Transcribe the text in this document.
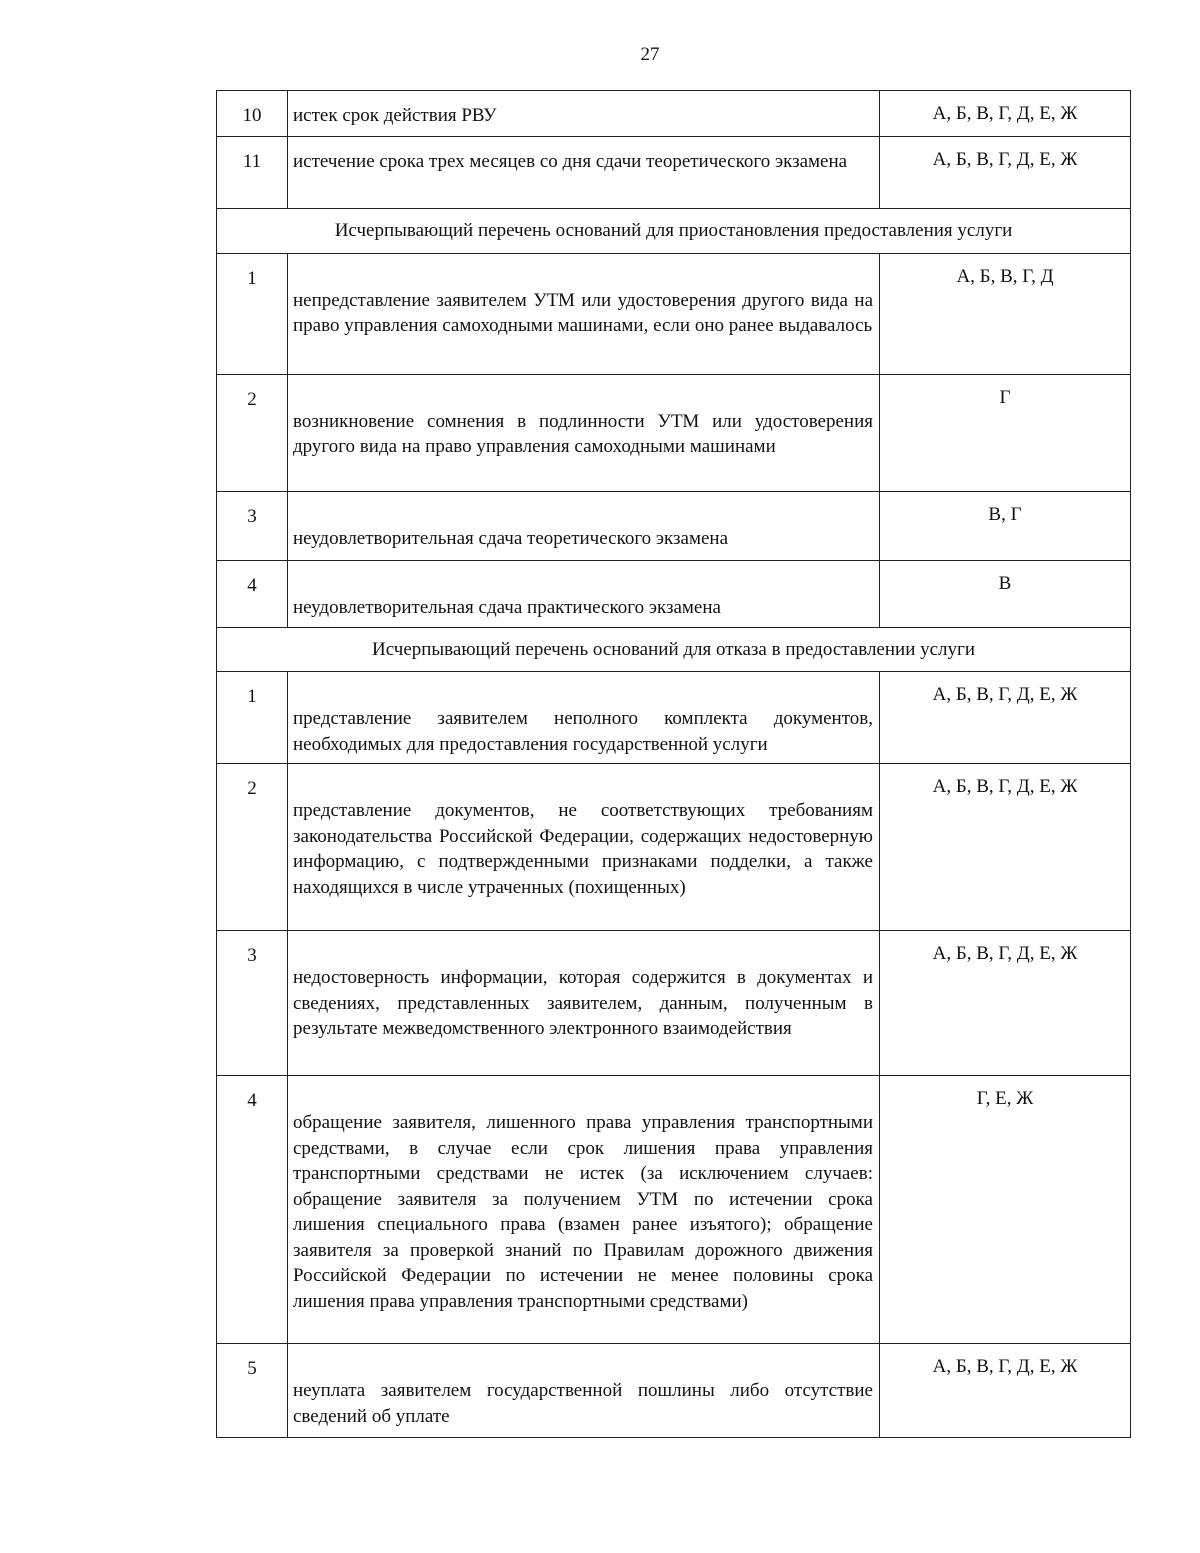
27
10	истек срок действия РВУ	А, Б, В, Г, Д, Е, Ж
11	истечение срока трех месяцев со дня сдачи теоретического экзамена	А, Б, В, Г, Д, Е, Ж
Исчерпывающий перечень оснований для приостановления предоставления услуги		
1	непредставление заявителем УТМ или удостоверения другого вида на право управления самоходными машинами, если оно ранее выдавалось	А, Б, В, Г, Д
2	возникновение сомнения в подлинности УТМ или удостоверения другого вида на право управления самоходными машинами	Г
3	неудовлетворительная сдача теоретического экзамена	В, Г
4	неудовлетворительная сдача практического экзамена	В
Исчерпывающий перечень оснований для отказа в предоставлении услуги		
1	представление заявителем неполного комплекта документов, необходимых для предоставления государственной услуги	А, Б, В, Г, Д, Е, Ж
2	представление документов, не соответствующих требованиям законодательства Российской Федерации, содержащих недостоверную информацию, с подтвержденными признаками подделки, а также находящихся в числе утраченных (похищенных)	А, Б, В, Г, Д, Е, Ж
3	недостоверность информации, которая содержится в документах и сведениях, представленных заявителем, данным, полученным в результате межведомственного электронного взаимодействия	А, Б, В, Г, Д, Е, Ж
4	обращение заявителя, лишенного права управления транспортными средствами, в случае если срок лишения права управления транспортными средствами не истек (за исключением случаев: обращение заявителя за получением УТМ по истечении срока лишения специального права (взамен ранее изъятого); обращение заявителя за проверкой знаний по Правилам дорожного движения Российской Федерации по истечении не менее половины срока лишения права управления транспортными средствами)	Г, Е, Ж
5	неуплата заявителем государственной пошлины либо отсутствие сведений об уплате	А, Б, В, Г, Д, Е, Ж
